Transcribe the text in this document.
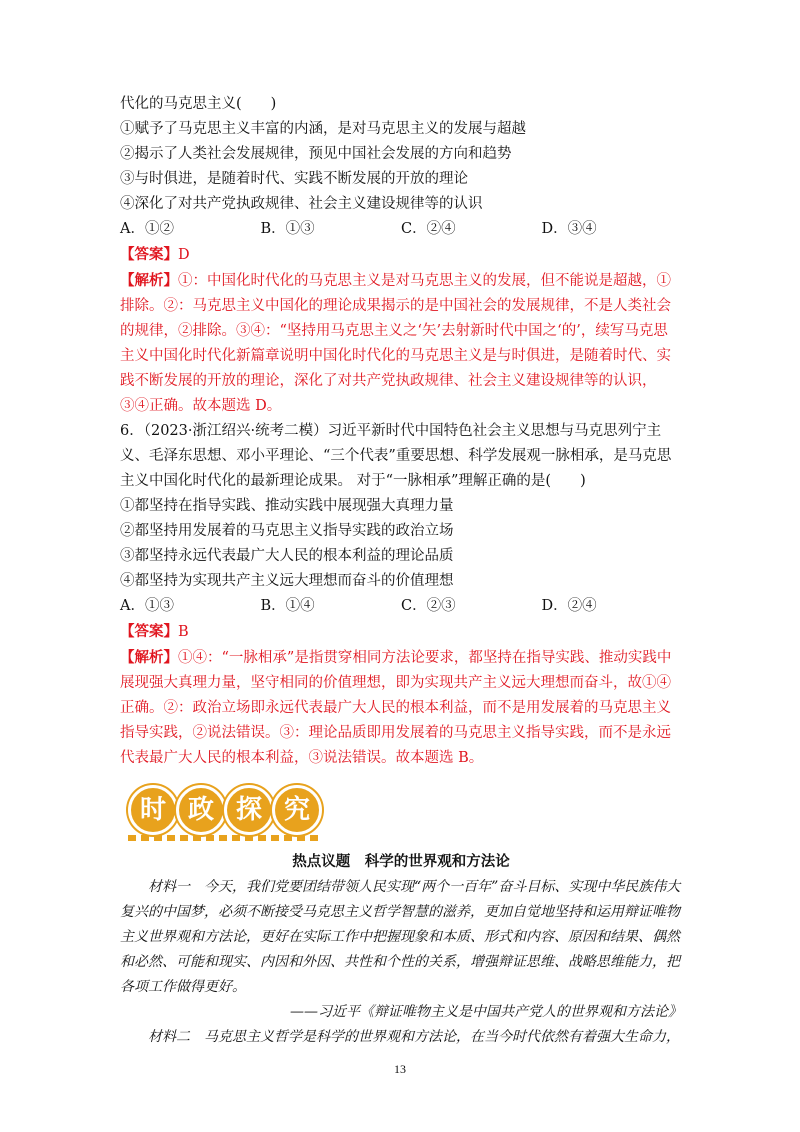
代化的马克思主义(　　)
①赋予了马克思主义丰富的内涵，是对马克思主义的发展与超越
②揭示了人类社会发展规律，预见中国社会发展的方向和趋势
③与时俱进，是随着时代、实践不断发展的开放的理论
④深化了对共产党执政规律、社会主义建设规律等的认识
A．①②	B．①③	C．②④	D．③④
【答案】D
【解析】①：中国化时代化的马克思主义是对马克思主义的发展，但不能说是超越，①排除。②：马克思主义中国化的理论成果揭示的是中国社会的发展规律，不是人类社会的规律，②排除。③④：“坚持用马克思主义之‘矢’去射新时代中国之‘的’，续写马克思主义中国化时代化新篇章说明中国化时代化的马克思主义是与时俱进，是随着时代、实践不断发展的开放的理论，深化了对共产党执政规律、社会主义建设规律等的认识，③④正确。故本题选 D。
6．（2023·浙江绍兴·统考二模）习近平新时代中国特色社会主义思想与马克思列宁主义、毛泽东思想、邓小平理论、“三个代表”重要思想、科学发展观一脉相承，是马克思主义中国化时代化的最新理论成果。 对于“一脉相承”理解正确的是(　　)
①都坚持在指导实践、推动实践中展现强大真理力量
②都坚持用发展着的马克思主义指导实践的政治立场
③都坚持永远代表最广大人民的根本利益的理论品质
④都坚持为实现共产主义远大理想而奋斗的价值理想
A．①③	B．①④	C．②③	D．②④
【答案】B
【解析】①④：“一脉相承”是指贯穿相同方法论要求，都坚持在指导实践、推动实践中展现强大真理力量，坚守相同的价值理想，即为实现共产主义远大理想而奋斗，故①④正确。②：政治立场即永远代表最广大人民的根本利益，而不是用发展着的马克思主义指导实践，②说法错误。③：理论品质即用发展着的马克思主义指导实践，而不是永远代表最广大人民的根本利益，③说法错误。故本题选 B。
时 政 探 究
热点议题　科学的世界观和方法论
材料一　今天，我们党要团结带领人民实现“两个一百年”奋斗目标、实现中华民族伟大复兴的中国梦，必须不断接受马克思主义哲学智慧的滋养，更加自觉地坚持和运用辩证唯物主义世界观和方法论，更好在实际工作中把握现象和本质、形式和内容、原因和结果、偶然和必然、可能和现实、内因和外因、共性和个性的关系，增强辩证思维、战略思维能力，把各项工作做得更好。
——习近平《辩证唯物主义是中国共产党人的世界观和方法论》
材料二　马克思主义哲学是科学的世界观和方法论，在当今时代依然有着强大生命力，
13
